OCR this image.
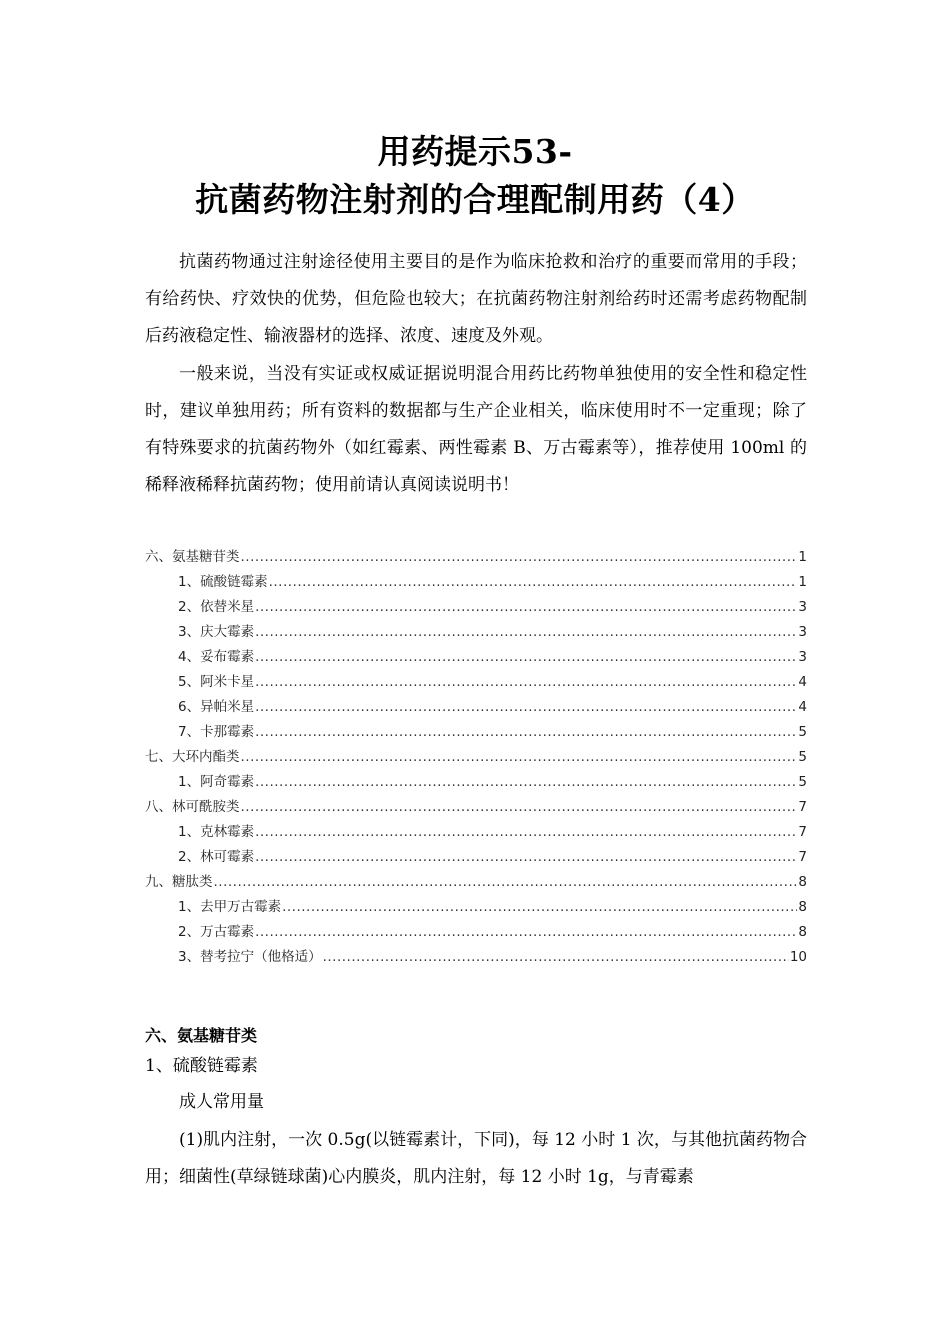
用药提示53-
抗菌药物注射剂的合理配制用药（4）
抗菌药物通过注射途径使用主要目的是作为临床抢救和治疗的重要而常用的手段；有给药快、疗效快的优势，但危险也较大；在抗菌药物注射剂给药时还需考虑药物配制后药液稳定性、输液器材的选择、浓度、速度及外观。
一般来说，当没有实证或权威证据说明混合用药比药物单独使用的安全性和稳定性时，建议单独用药；所有资料的数据都与生产企业相关，临床使用时不一定重现；除了有特殊要求的抗菌药物外（如红霉素、两性霉素 B、万古霉素等），推荐使用 100ml 的稀释液稀释抗菌药物；使用前请认真阅读说明书！
六、氨基糖苷类 .....	1
1、硫酸链霉素 .....	1
2、依替米星 .....	3
3、庆大霉素 .....	3
4、妥布霉素 .....	3
5、阿米卡星 .....	4
6、异帕米星 .....	4
7、卡那霉素 .....	5
七、大环内酯类 .....	5
1、阿奇霉素 .....	5
八、林可酰胺类 .....	7
1、克林霉素 .....	7
2、林可霉素 .....	7
九、糖肽类 .....	8
1、去甲万古霉素 .....	8
2、万古霉素 .....	8
3、替考拉宁（他格适） .....	10
六、氨基糖苷类
1、硫酸链霉素
成人常用量
(1)肌内注射，一次 0.5g(以链霉素计，下同)，每 12 小时 1 次，与其他抗菌药物合用；细菌性(草绿链球菌)心内膜炎，肌内注射，每 12 小时 1g，与青霉素
